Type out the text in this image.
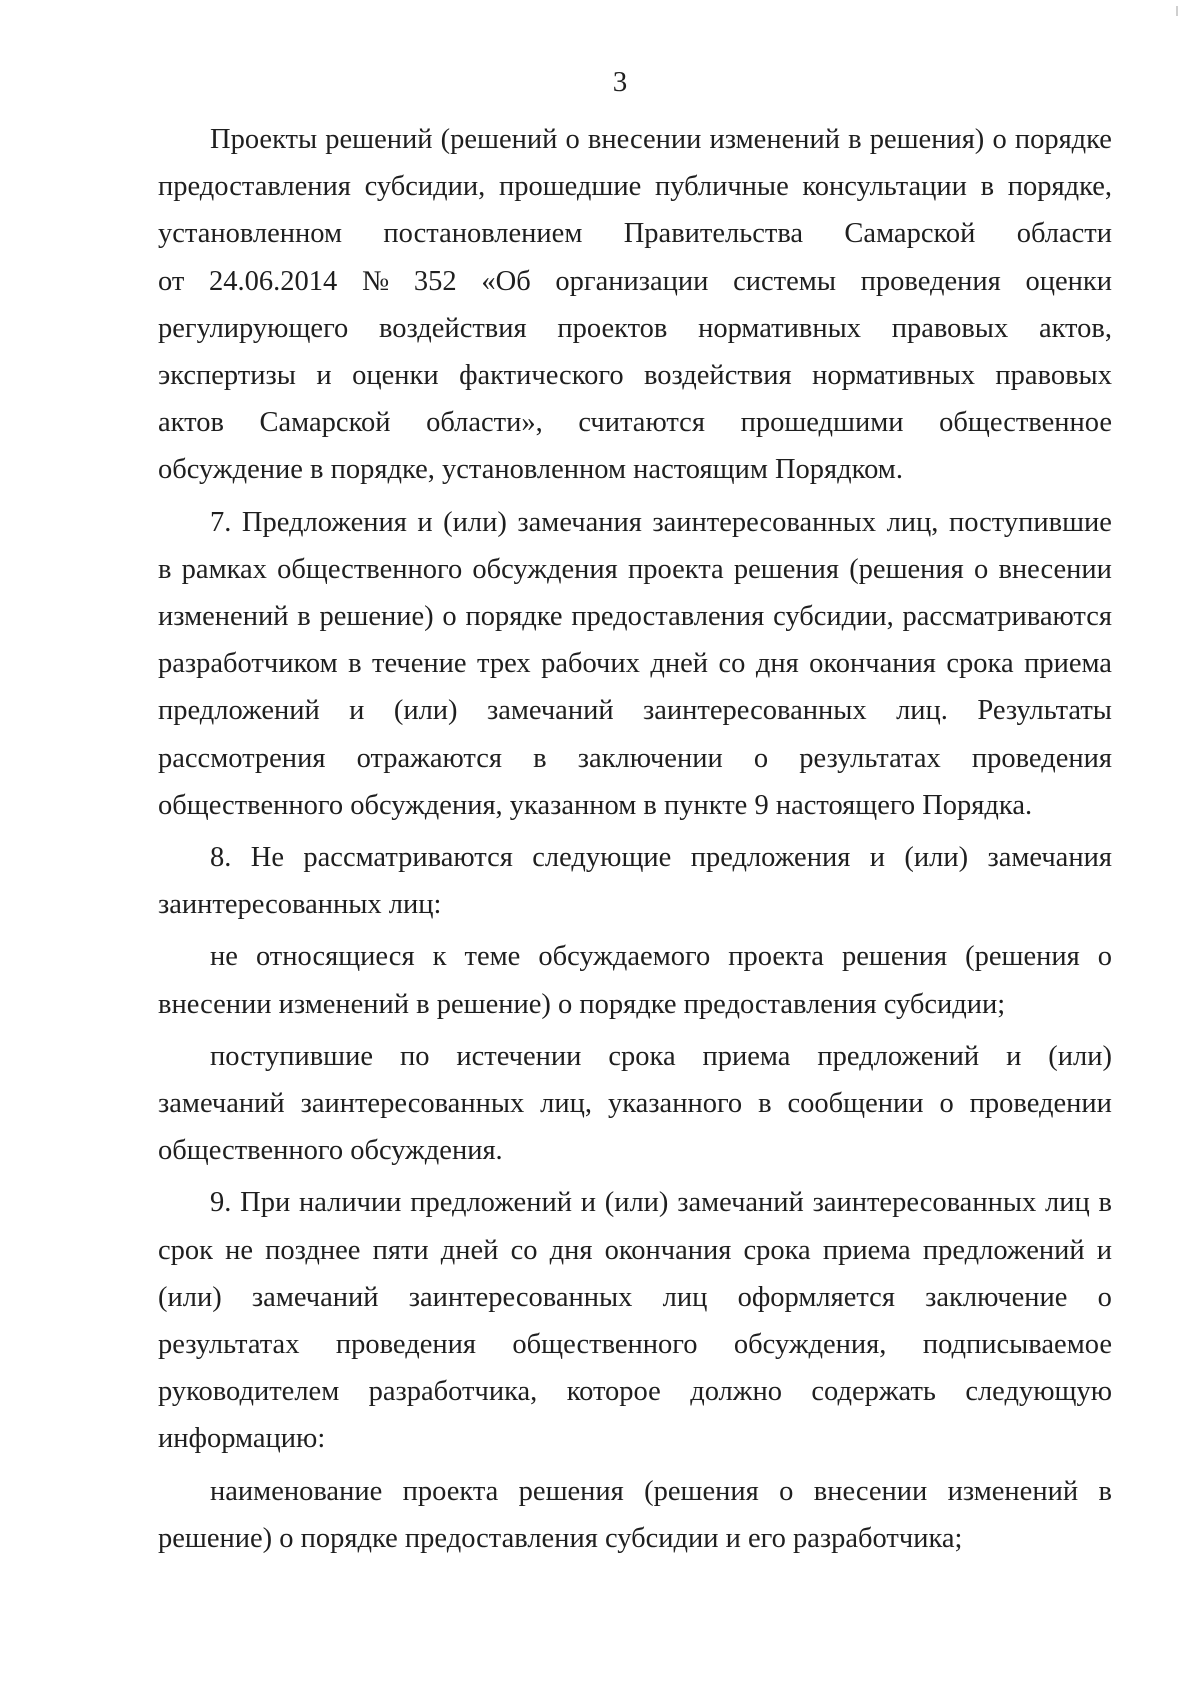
3
Проекты решений (решений о внесении изменений в решения) о порядке
предоставления субсидии, прошедшие публичные консультации в порядке,
установленном постановлением Правительства Самарской области
от 24.06.2014 № 352 «Об организации системы проведения оценки
регулирующего воздействия проектов нормативных правовых актов,
экспертизы и оценки фактического воздействия нормативных правовых
актов Самарской области», считаются прошедшими общественное
обсуждение в порядке, установленном настоящим Порядком.
7. Предложения и (или) замечания заинтересованных лиц, поступившие
в рамках общественного обсуждения проекта решения (решения о внесении
изменений в решение) о порядке предоставления субсидии, рассматриваются
разработчиком в течение трех рабочих дней со дня окончания срока приема
предложений и (или) замечаний заинтересованных лиц. Результаты
рассмотрения отражаются в заключении о результатах проведения
общественного обсуждения, указанном в пункте 9 настоящего Порядка.
8. Не рассматриваются следующие предложения и (или) замечания
заинтересованных лиц:
не относящиеся к теме обсуждаемого проекта решения (решения о
внесении изменений в решение) о порядке предоставления субсидии;
поступившие по истечении срока приема предложений и (или)
замечаний заинтересованных лиц, указанного в сообщении о проведении
общественного обсуждения.
9. При наличии предложений и (или) замечаний заинтересованных лиц в
срок не позднее пяти дней со дня окончания срока приема предложений и
(или) замечаний заинтересованных лиц оформляется заключение о
результатах проведения общественного обсуждения, подписываемое
руководителем разработчика, которое должно содержать следующую
информацию:
наименование проекта решения (решения о внесении изменений в
решение) о порядке предоставления субсидии и его разработчика;
